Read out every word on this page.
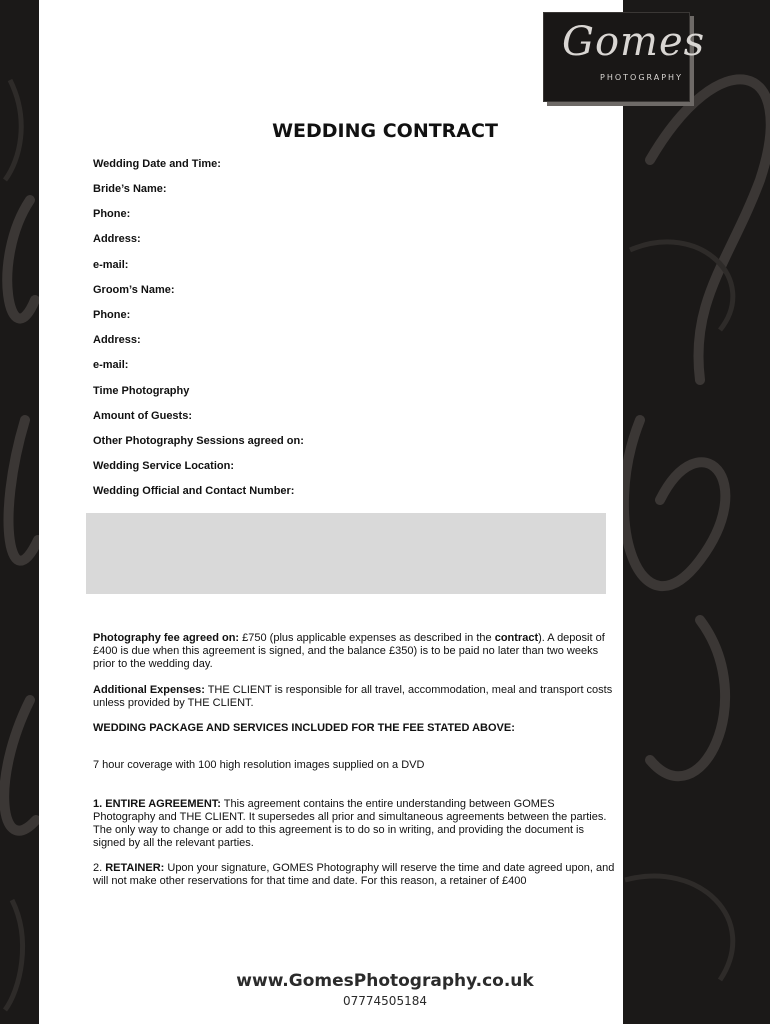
Gomes
PHOTOGRAPHY
WEDDING CONTRACT
Wedding Date and Time:
Bride’s Name:
Phone:
Address:
e-mail:
Groom’s Name:
Phone:
Address:
e-mail:
Time Photography
Amount of Guests:
Other Photography Sessions agreed on:
Wedding Service Location:
Wedding Official and Contact Number:
Photography fee agreed on: £750 (plus applicable expenses as described in the contract). A deposit of £400 is due when this agreement is signed, and the balance £350) is to be paid no later than two weeks prior to the wedding day.
Additional Expenses: THE CLIENT is responsible for all travel, accommodation, meal and transport costs unless provided by THE CLIENT.
WEDDING PACKAGE AND SERVICES INCLUDED FOR THE FEE STATED ABOVE:
7 hour coverage with 100 high resolution images supplied on a DVD
1. ENTIRE AGREEMENT: This agreement contains the entire understanding between GOMES Photography and THE CLIENT. It supersedes all prior and simultaneous agreements between the parties. The only way to change or add to this agreement is to do so in writing, and providing the document is signed by all the relevant parties.
2. RETAINER: Upon your signature, GOMES Photography will reserve the time and date agreed upon, and will not make other reservations for that time and date. For this reason, a retainer of £400
www.GomesPhotography.co.uk
07774505184
